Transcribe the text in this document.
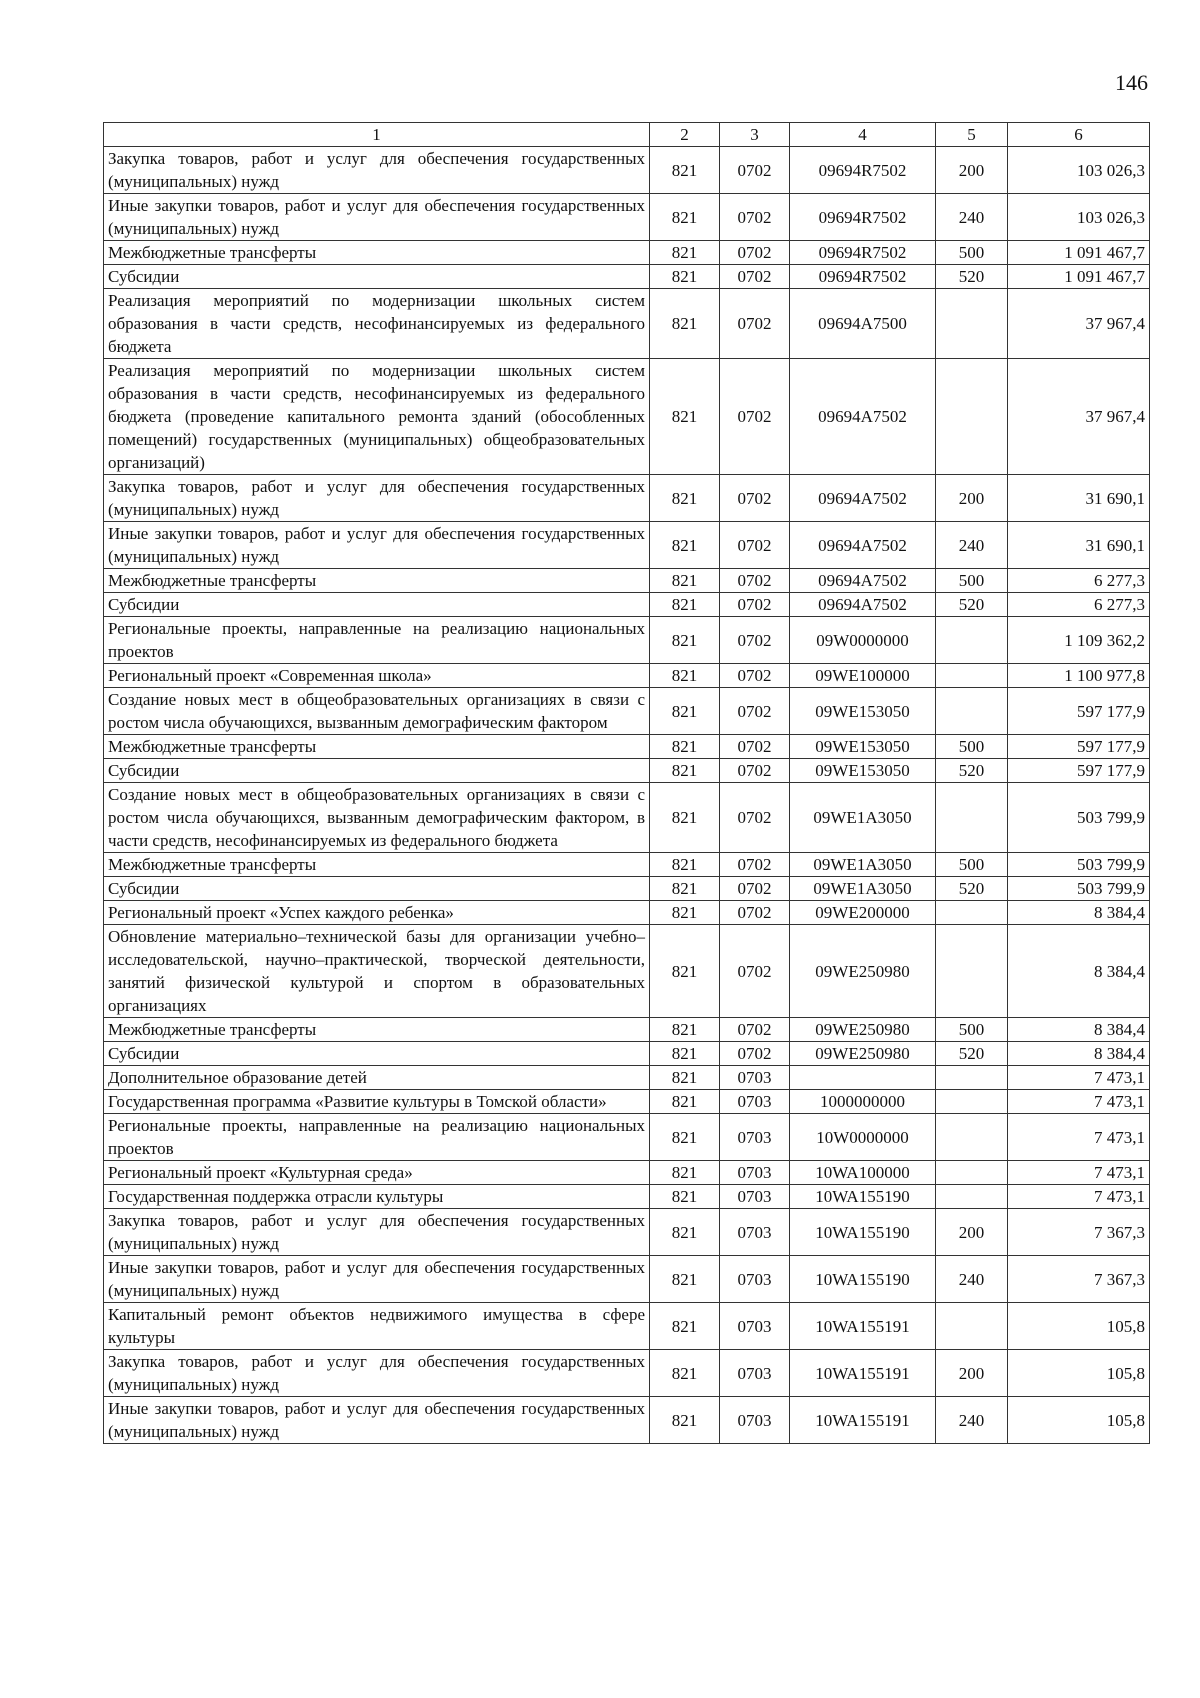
146
1	2	3	4	5	6
Закупка товаров, работ и услуг для обеспечения государственных (муниципальных) нужд	821	0702	09694R7502	200	103 026,3
Иные закупки товаров, работ и услуг для обеспечения государственных (муниципальных) нужд	821	0702	09694R7502	240	103 026,3
Межбюджетные трансферты	821	0702	09694R7502	500	1 091 467,7
Субсидии	821	0702	09694R7502	520	1 091 467,7
Реализация мероприятий по модернизации школьных систем образования в части средств, несофинансируемых из федерального бюджета	821	0702	09694A7500		37 967,4
Реализация мероприятий по модернизации школьных систем образования в части средств, несофинансируемых из федерального бюджета (проведение капитального ремонта зданий (обособленных помещений) государственных (муниципальных) общеобразовательных организаций)	821	0702	09694A7502		37 967,4
Закупка товаров, работ и услуг для обеспечения государственных (муниципальных) нужд	821	0702	09694A7502	200	31 690,1
Иные закупки товаров, работ и услуг для обеспечения государственных (муниципальных) нужд	821	0702	09694A7502	240	31 690,1
Межбюджетные трансферты	821	0702	09694A7502	500	6 277,3
Субсидии	821	0702	09694A7502	520	6 277,3
Региональные проекты, направленные на реализацию национальных проектов	821	0702	09W0000000		1 109 362,2
Региональный проект «Современная школа»	821	0702	09WE100000		1 100 977,8
Создание новых мест в общеобразовательных организациях в связи с ростом числа обучающихся, вызванным демографическим фактором	821	0702	09WE153050		597 177,9
Межбюджетные трансферты	821	0702	09WE153050	500	597 177,9
Субсидии	821	0702	09WE153050	520	597 177,9
Создание новых мест в общеобразовательных организациях в связи с ростом числа обучающихся, вызванным демографическим фактором, в части средств, несофинансируемых из федерального бюджета	821	0702	09WE1A3050		503 799,9
Межбюджетные трансферты	821	0702	09WE1A3050	500	503 799,9
Субсидии	821	0702	09WE1A3050	520	503 799,9
Региональный проект «Успех каждого ребенка»	821	0702	09WE200000		8 384,4
Обновление материально–технической базы для организации учебно–исследовательской, научно–практической, творческой деятельности, занятий физической культурой и спортом в образовательных организациях	821	0702	09WE250980		8 384,4
Межбюджетные трансферты	821	0702	09WE250980	500	8 384,4
Субсидии	821	0702	09WE250980	520	8 384,4
Дополнительное образование детей	821	0703			7 473,1
Государственная программа «Развитие культуры в Томской области»	821	0703	1000000000		7 473,1
Региональные проекты, направленные на реализацию национальных проектов	821	0703	10W0000000		7 473,1
Региональный проект «Культурная среда»	821	0703	10WA100000		7 473,1
Государственная поддержка отрасли культуры	821	0703	10WA155190		7 473,1
Закупка товаров, работ и услуг для обеспечения государственных (муниципальных) нужд	821	0703	10WA155190	200	7 367,3
Иные закупки товаров, работ и услуг для обеспечения государственных (муниципальных) нужд	821	0703	10WA155190	240	7 367,3
Капитальный ремонт объектов недвижимого имущества в сфере культуры	821	0703	10WA155191		105,8
Закупка товаров, работ и услуг для обеспечения государственных (муниципальных) нужд	821	0703	10WA155191	200	105,8
Иные закупки товаров, работ и услуг для обеспечения государственных (муниципальных) нужд	821	0703	10WA155191	240	105,8
